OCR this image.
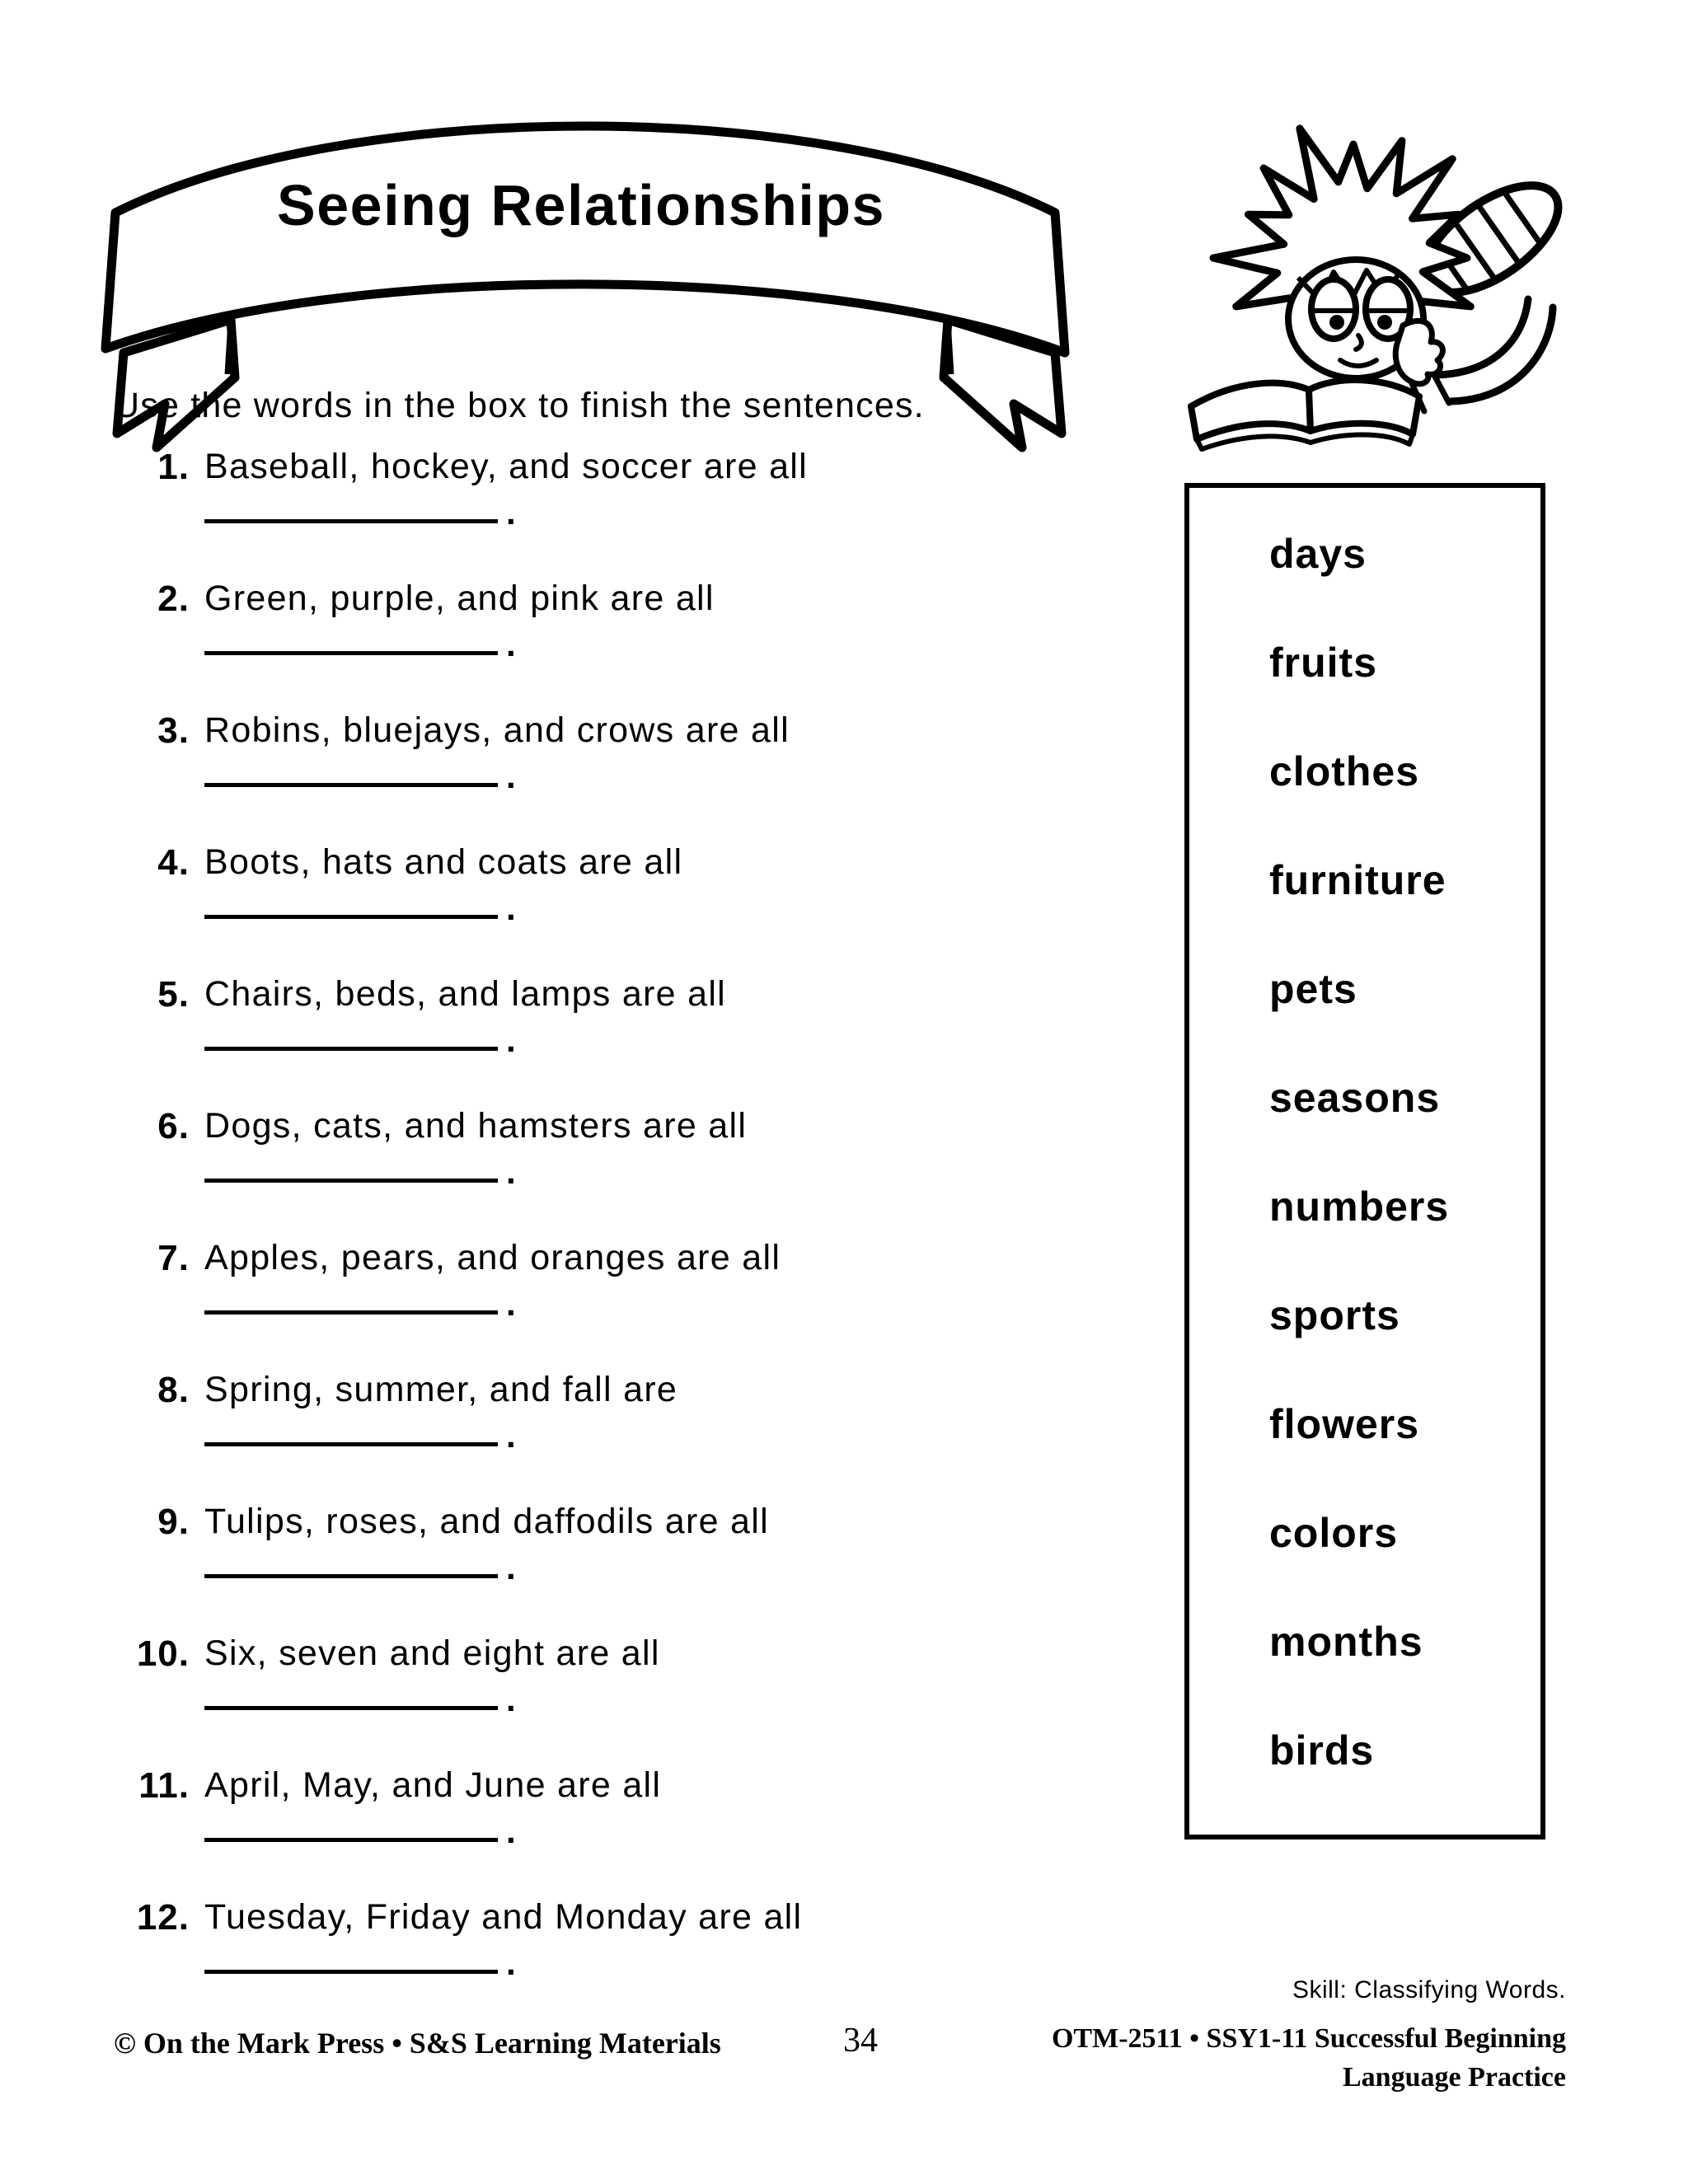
Seeing Relationships
Use the words in the box to finish the sentences.
1. Baseball, hockey, and soccer are all
.
2. Green, purple, and pink are all
.
3. Robins, bluejays, and crows are all
.
4. Boots, hats and coats are all
.
5. Chairs, beds, and lamps are all
.
6. Dogs, cats, and hamsters are all
.
7. Apples, pears, and oranges are all
.
8. Spring, summer, and fall are
.
9. Tulips, roses, and daffodils are all
.
10. Six, seven and eight are all
.
11. April, May, and June are all
.
12. Tuesday, Friday and Monday are all
.
days
fruits
clothes
furniture
pets
seasons
numbers
sports
flowers
colors
months
birds
Skill: Classifying Words.
© On the Mark Press • S&S Learning Materials	34	OTM-2511 • SSY1-11 Successful Beginning
Language Practice
